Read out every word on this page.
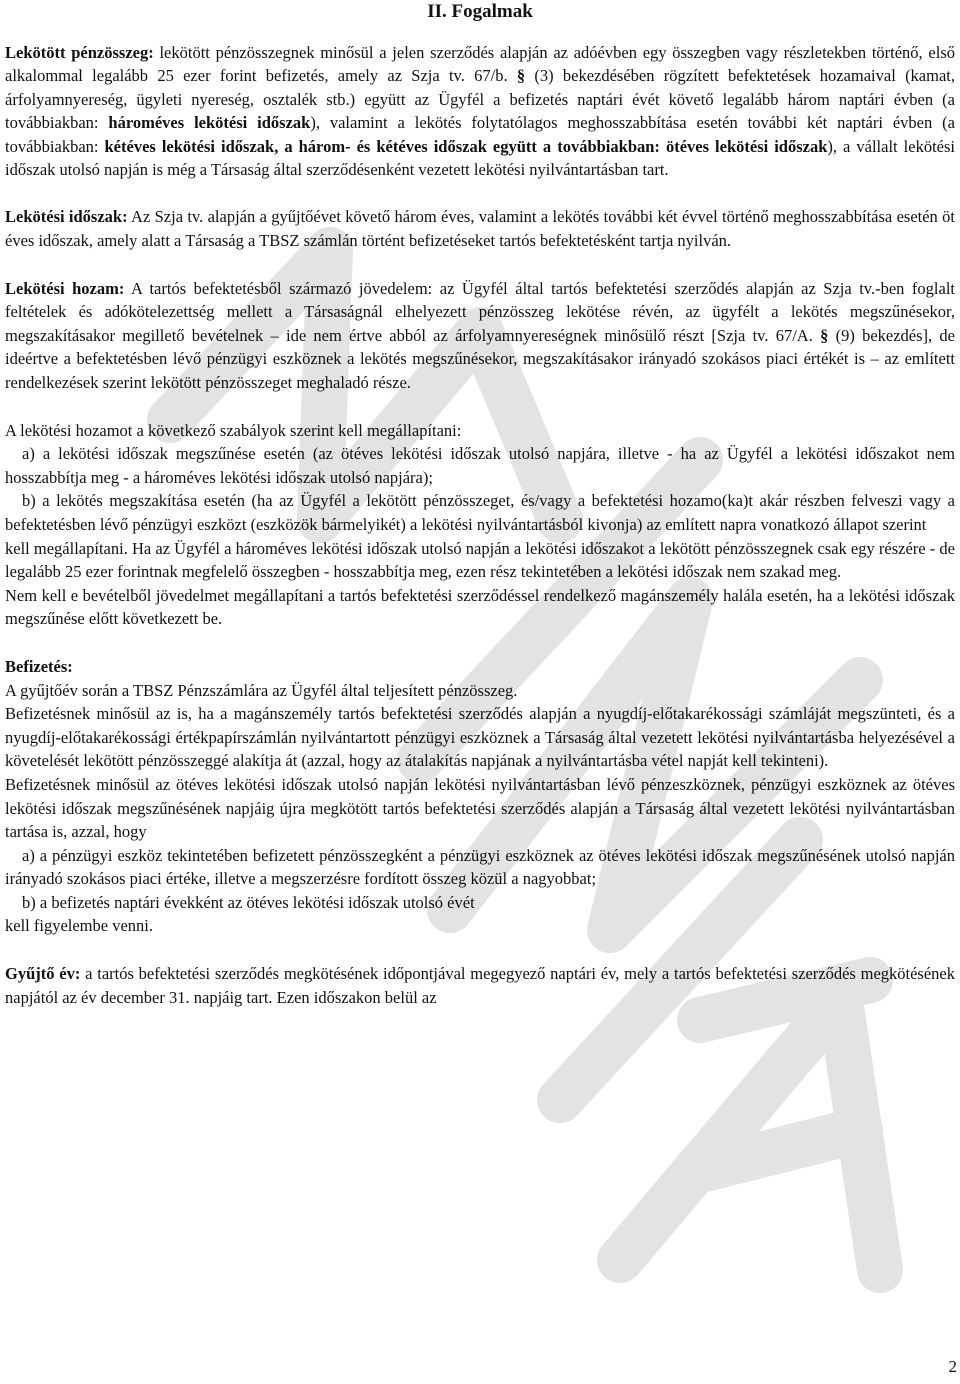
II. Fogalmak

Lekötött pénzösszeg: lekötött pénzösszegnek minősül a jelen szerződés alapján az adóévben egy összegben vagy részletekben történő, első alkalommal legalább 25 ezer forint befizetés, amely az Szja tv. 67/b. § (3) bekezdésében rögzített befektetések hozamaival (kamat, árfolyamnyereség, ügyleti nyereség, osztalék stb.) együtt az Ügyfél a befizetés naptári évét követő legalább három naptári évben (a továbbiakban: hároméves lekötési időszak), valamint a lekötés folytatólagos meghosszabbítása esetén további két naptári évben (a továbbiakban: kétéves lekötési időszak, a három- és kétéves időszak együtt a továbbiakban: ötéves lekötési időszak), a vállalt lekötési időszak utolsó napján is még a Társaság által szerződésenként vezetett lekötési nyilvántartásban tart.

Lekötési időszak: Az Szja tv. alapján a gyűjtőévet követő három éves, valamint a lekötés további két évvel történő meghosszabbítása esetén öt éves időszak, amely alatt a Társaság a TBSZ számlán történt befizetéseket tartós befektetésként tartja nyilván.

Lekötési hozam: A tartós befektetésből származó jövedelem: az Ügyfél által tartós befektetési szerződés alapján az Szja tv.-ben foglalt feltételek és adókötelezettség mellett a Társaságnál elhelyezett pénzösszeg lekötése révén, az ügyfélt a lekötés megszűnésekor, megszakításakor megillető bevételnek – ide nem értve abból az árfolyamnyereségnek minősülő részt [Szja tv. 67/A. § (9) bekezdés], de ideértve a befektetésben lévő pénzügyi eszköznek a lekötés megszűnésekor, megszakításakor irányadó szokásos piaci értékét is – az említett rendelkezések szerint lekötött pénzösszeget meghaladó része.

A lekötési hozamot a következő szabályok szerint kell megállapítani:

a) a lekötési időszak megszűnése esetén (az ötéves lekötési időszak utolsó napjára, illetve - ha az Ügyfél a lekötési időszakot nem hosszabbítja meg - a hároméves lekötési időszak utolsó napjára);

b) a lekötés megszakítása esetén (ha az Ügyfél a lekötött pénzösszeget, és/vagy a befektetési hozamo(ka)t akár részben felveszi vagy a befektetésben lévő pénzügyi eszközt (eszközök bármelyikét) a lekötési nyilvántartásból kivonja) az említett napra vonatkozó állapot szerint

kell megállapítani. Ha az Ügyfél a hároméves lekötési időszak utolsó napján a lekötési időszakot a lekötött pénzösszegnek csak egy részére - de legalább 25 ezer forintnak megfelelő összegben - hosszabbítja meg, ezen rész tekintetében a lekötési időszak nem szakad meg.

Nem kell e bevételből jövedelmet megállapítani a tartós befektetési szerződéssel rendelkező magánszemély halála esetén, ha a lekötési időszak megszűnése előtt következett be.

Befizetés:

A gyűjtőév során a TBSZ Pénzszámlára az Ügyfél által teljesített pénzösszeg.

Befizetésnek minősül az is, ha a magánszemély tartós befektetési szerződés alapján a nyugdíj-előtakarékossági számláját megszünteti, és a nyugdíj-előtakarékossági értékpapírszámlán nyilvántartott pénzügyi eszköznek a Társaság által vezetett lekötési nyilvántartásba helyezésével a követelését lekötött pénzösszeggé alakítja át (azzal, hogy az átalakítás napjának a nyilvántartásba vétel napját kell tekinteni).

Befizetésnek minősül az ötéves lekötési időszak utolsó napján lekötési nyilvántartásban lévő pénzeszköznek, pénzügyi eszköznek az ötéves lekötési időszak megszűnésének napjáig újra megkötött tartós befektetési szerződés alapján a Társaság által vezetett lekötési nyilvántartásban tartása is, azzal, hogy

a) a pénzügyi eszköz tekintetében befizetett pénzösszegként a pénzügyi eszköznek az ötéves lekötési időszak megszűnésének utolsó napján irányadó szokásos piaci értéke, illetve a megszerzésre fordított összeg közül a nagyobbat;

b) a befizetés naptári évekként az ötéves lekötési időszak utolsó évét

kell figyelembe venni.

Gyűjtő év: a tartós befektetési szerződés megkötésének időpontjával megegyező naptári év, mely a tartós befektetési szerződés megkötésének napjától az év december 31. napjáig tart. Ezen időszakon belül az

2
